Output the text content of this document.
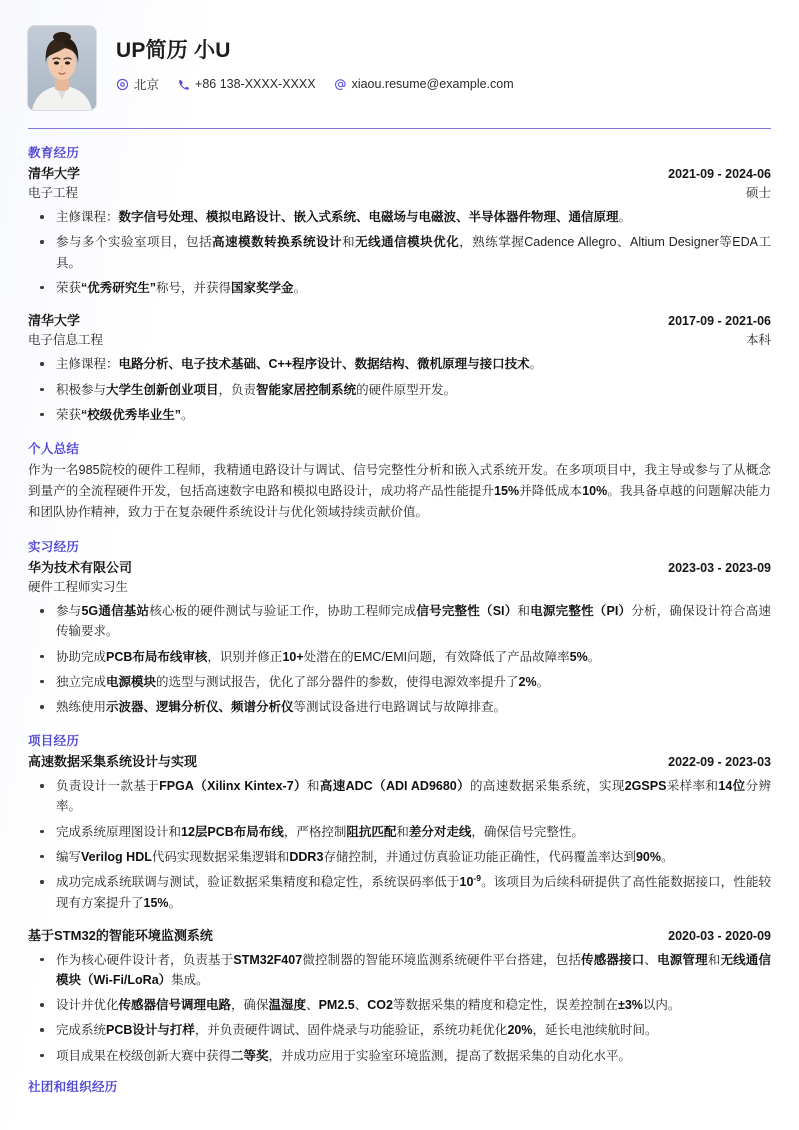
UP简历 小U
北京	+86 138-XXXX-XXXX	xiaou.resume@example.com
教育经历
清华大学	2021-09 - 2024-06
电子工程	硕士
主修课程：数字信号处理、模拟电路设计、嵌入式系统、电磁场与电磁波、半导体器件物理、通信原理。
参与多个实验室项目，包括高速模数转换系统设计和无线通信模块优化，熟练掌握Cadence Allegro、Altium Designer等EDA工具。
荣获“优秀研究生”称号，并获得国家奖学金。
清华大学	2017-09 - 2021-06
电子信息工程	本科
主修课程：电路分析、电子技术基础、C++程序设计、数据结构、微机原理与接口技术。
积极参与大学生创新创业项目，负责智能家居控制系统的硬件原型开发。
荣获“校级优秀毕业生”。
个人总结
作为一名985院校的硬件工程师，我精通电路设计与调试、信号完整性分析和嵌入式系统开发。在多项项目中，我主导或参与了从概念到量产的全流程硬件开发，包括高速数字电路和模拟电路设计，成功将产品性能提升15%并降低成本10%。我具备卓越的问题解决能力和团队协作精神，致力于在复杂硬件系统设计与优化领域持续贡献价值。
实习经历
华为技术有限公司	2023-03 - 2023-09
硬件工程师实习生
参与5G通信基站核心板的硬件测试与验证工作，协助工程师完成信号完整性（SI）和电源完整性（PI）分析，确保设计符合高速传输要求。
协助完成PCB布局布线审核，识别并修正10+处潜在的EMC/EMI问题，有效降低了产品故障率5%。
独立完成电源模块的选型与测试报告，优化了部分器件的参数，使得电源效率提升了2%。
熟练使用示波器、逻辑分析仪、频谱分析仪等测试设备进行电路调试与故障排查。
项目经历
高速数据采集系统设计与实现	2022-09 - 2023-03
负责设计一款基于FPGA（Xilinx Kintex-7）和高速ADC（ADI AD9680）的高速数据采集系统，实现2GSPS采样率和14位分辨率。
完成系统原理图设计和12层PCB布局布线，严格控制阻抗匹配和差分对走线，确保信号完整性。
编写Verilog HDL代码实现数据采集逻辑和DDR3存储控制，并通过仿真验证功能正确性，代码覆盖率达到90%。
成功完成系统联调与测试，验证数据采集精度和稳定性，系统误码率低于$10^{-9}$。该项目为后续科研提供了高性能数据接口，性能较现有方案提升了15%。
基于STM32的智能环境监测系统	2020-03 - 2020-09
作为核心硬件设计者，负责基于STM32F407微控制器的智能环境监测系统硬件平台搭建，包括传感器接口、电源管理和无线通信模块（Wi-Fi/LoRa）集成。
设计并优化传感器信号调理电路，确保温湿度、PM2.5、CO2等数据采集的精度和稳定性，误差控制在±3%以内。
完成系统PCB设计与打样，并负责硬件调试、固件烧录与功能验证，系统功耗优化20%，延长电池续航时间。
项目成果在校级创新大赛中获得二等奖，并成功应用于实验室环境监测，提高了数据采集的自动化水平。
社团和组织经历
